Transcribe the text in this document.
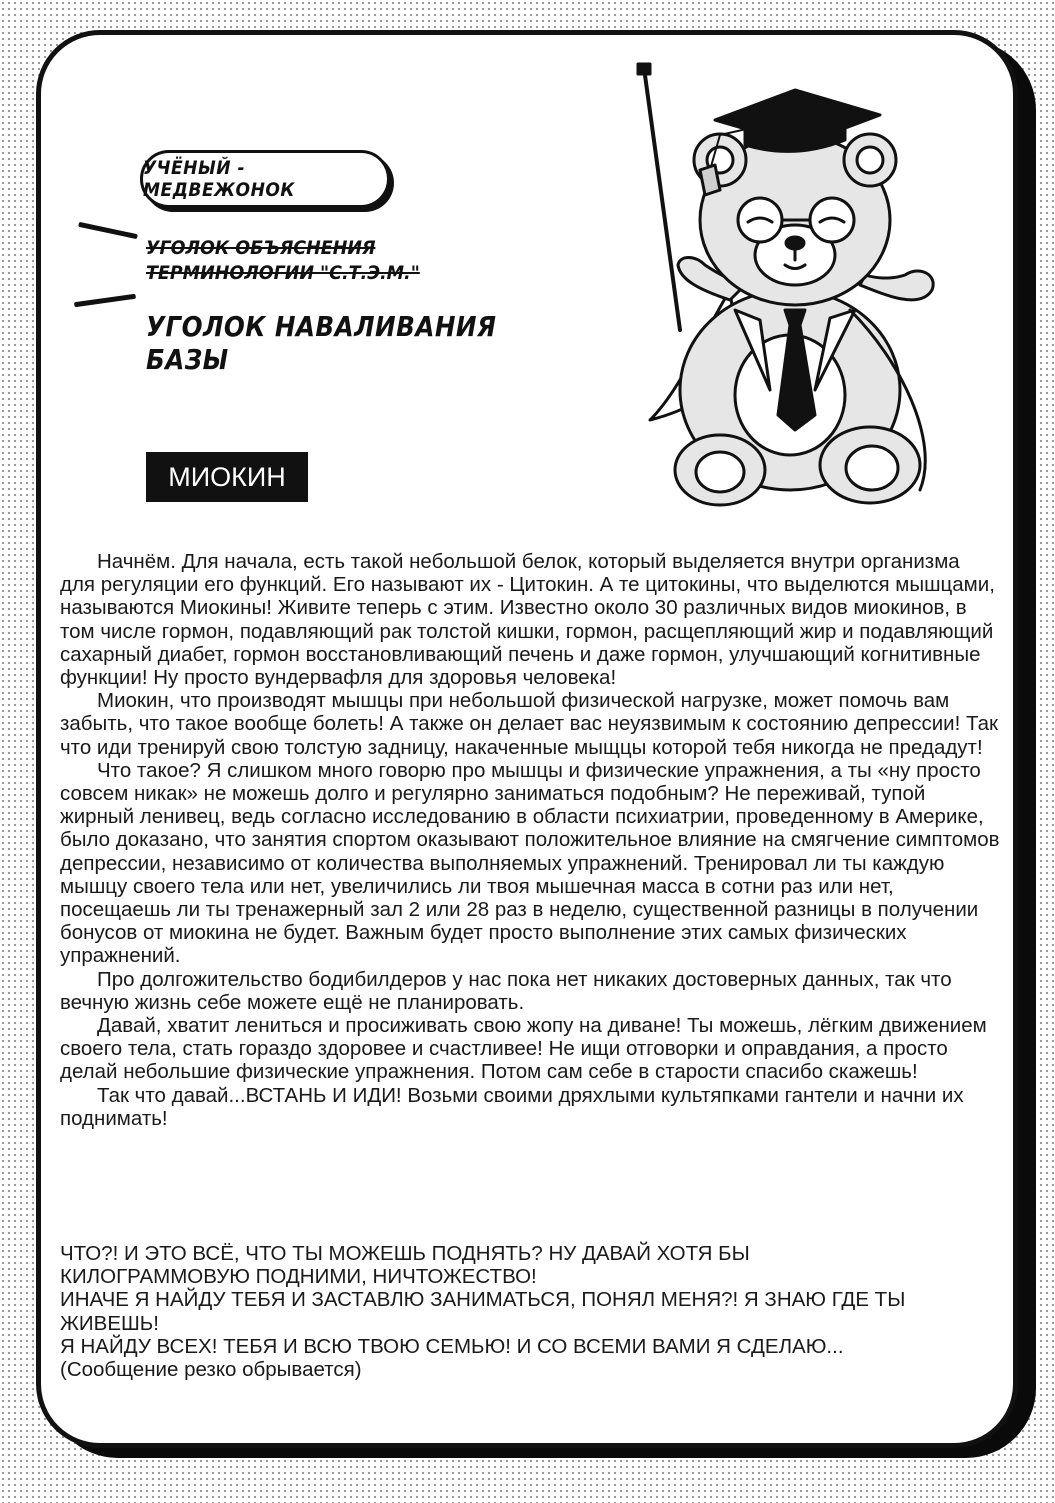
УЧЁНЫЙ - МЕДВЕЖОНОК
УГОЛОК ОБЪЯСНЕНИЯ ТЕРМИНОЛОГИИ "С.Т.Э.М."
УГОЛОК НАВАЛИВАНИЯ БАЗЫ
МИОКИН

Начнём. Для начала, есть такой небольшой белок, который выделяется внутри организма для регуляции его функций. Его называют их - Цитокин. А те цитокины, что выделются мышцами, называются Миокины! Живите теперь с этим. Известно около 30 различных видов миокинов, в том числе гормон, подавляющий рак толстой кишки, гормон, расщепляющий жир и подавляющий сахарный диабет, гормон восстановливающий печень и даже гормон, улучшающий когнитивные функции! Ну просто вундервафля для здоровья человека!

Миокин, что производят мышцы при небольшой физической нагрузке, может помочь вам забыть, что такое вообще болеть! А также он делает вас неуязвимым к состоянию депрессии! Так что иди тренируй свою толстую задницу, накаченные мыщцы которой тебя никогда не предадут!

Что такое? Я слишком много говорю про мышцы и физические упражнения, а ты «ну просто совсем никак» не можешь долго и регулярно заниматься подобным? Не переживай, тупой жирный ленивец, ведь согласно исследованию в области психиатрии, проведенному в Америке, было доказано, что занятия спортом оказывают положительное влияние на смягчение симптомов депрессии, независимо от количества выполняемых упражнений. Тренировал ли ты каждую мышцу своего тела или нет, увеличились ли твоя мышечная масса в сотни раз или нет, посещаешь ли ты тренажерный зал 2 или 28 раз в неделю, существенной разницы в получении бонусов от миокина не будет. Важным будет просто выполнение этих самых физических упражнений.

Про долгожительство бодибилдеров у нас пока нет никаких достоверных данных, так что вечную жизнь себе можете ещё не планировать.

Давай, хватит лениться и просиживать свою жопу на диване! Ты можешь, лёгким движением своего тела, стать гораздо здоровее и счастливее! Не ищи отговорки и оправдания, а просто делай небольшие физические упражнения. Потом сам себе в старости спасибо скажешь!

Так что давай...ВСТАНЬ И ИДИ! Возьми своими дряхлыми культяпками гантели и начни их поднимать!

ЧТО?! И ЭТО ВСЁ, ЧТО ТЫ МОЖЕШЬ ПОДНЯТЬ? НУ ДАВАЙ ХОТЯ БЫ
КИЛОГРАММОВУЮ ПОДНИМИ, НИЧТОЖЕСТВО!
ИНАЧЕ Я НАЙДУ ТЕБЯ И ЗАСТАВЛЮ ЗАНИМАТЬСЯ, ПОНЯЛ МЕНЯ?! Я ЗНАЮ ГДЕ ТЫ
ЖИВЕШЬ!
Я НАЙДУ ВСЕХ! ТЕБЯ И ВСЮ ТВОЮ СЕМЬЮ! И СО ВСЕМИ ВАМИ Я СДЕЛАЮ...
(Сообщение резко обрывается)
